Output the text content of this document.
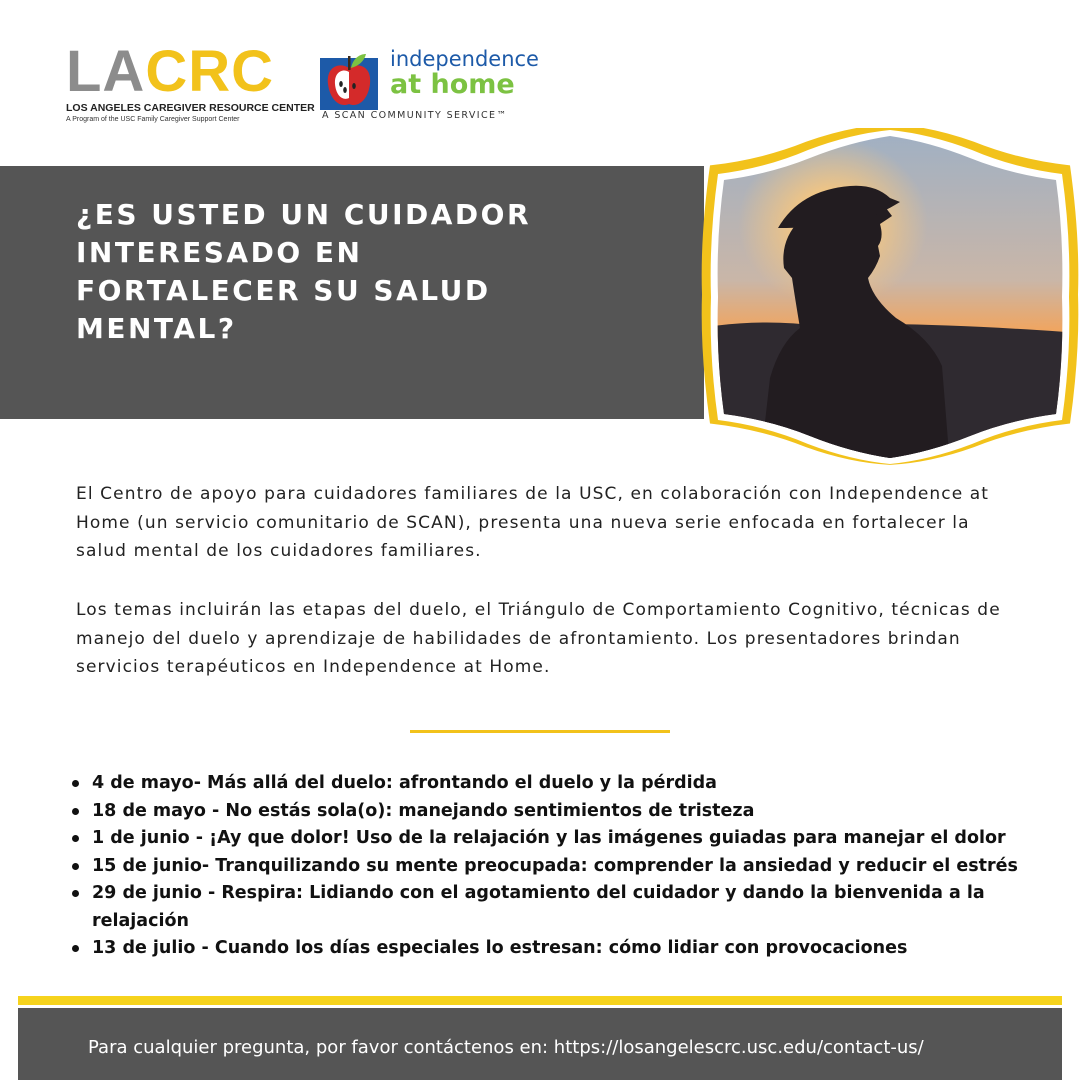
LACRC
LOS ANGELES CAREGIVER RESOURCE CENTER
A Program of the USC Family Caregiver Support Center
independence
at home
A SCAN COMMUNITY SERVICE™
¿ES USTED UN CUIDADOR INTERESADO EN FORTALECER SU SALUD MENTAL?

El Centro de apoyo para cuidadores familiares de la USC, en colaboración con Independence at Home (un servicio comunitario de SCAN), presenta una nueva serie enfocada en fortalecer la salud mental de los cuidadores familiares.

Los temas incluirán las etapas del duelo, el Triángulo de Comportamiento Cognitivo, técnicas de manejo del duelo y aprendizaje de habilidades de afrontamiento. Los presentadores brindan servicios terapéuticos en Independence at Home.

4 de mayo- Más allá del duelo: afrontando el duelo y la pérdida
18 de mayo - No estás sola(o): manejando sentimientos de tristeza
1 de junio - ¡Ay que dolor! Uso de la relajación y las imágenes guiadas para manejar el dolor
15 de junio- Tranquilizando su mente preocupada: comprender la ansiedad y reducir el estrés
29 de junio - Respira: Lidiando con el agotamiento del cuidador y dando la bienvenida a la relajación
13 de julio - Cuando los días especiales lo estresan: cómo lidiar con provocaciones
Para cualquier pregunta, por favor contáctenos en: https://losangelescrc.usc.edu/contact-us/
